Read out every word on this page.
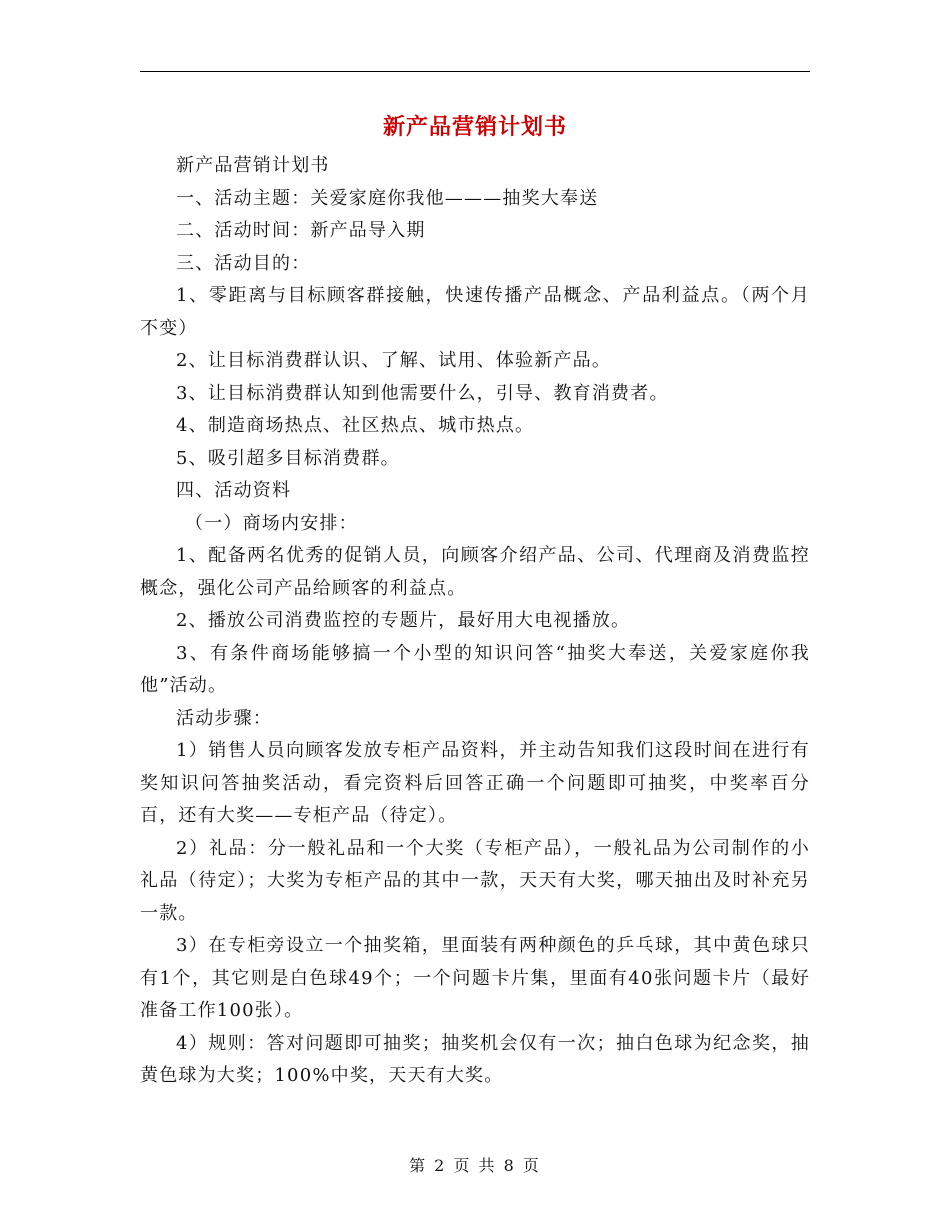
新产品营销计划书

新产品营销计划书

一、活动主题：关爱家庭你我他———抽奖大奉送

二、活动时间：新产品导入期

三、活动目的：

1、零距离与目标顾客群接触，快速传播产品概念、产品利益点。（两个月不变）

2、让目标消费群认识、了解、试用、体验新产品。

3、让目标消费群认知到他需要什么，引导、教育消费者。

4、制造商场热点、社区热点、城市热点。

5、吸引超多目标消费群。

四、活动资料

（一）商场内安排：

1、配备两名优秀的促销人员，向顾客介绍产品、公司、代理商及消费监控概念，强化公司产品给顾客的利益点。

2、播放公司消费监控的专题片，最好用大电视播放。

3、有条件商场能够搞一个小型的知识问答“抽奖大奉送，关爱家庭你我他”活动。

活动步骤：

1）销售人员向顾客发放专柜产品资料，并主动告知我们这段时间在进行有奖知识问答抽奖活动，看完资料后回答正确一个问题即可抽奖，中奖率百分百，还有大奖——专柜产品（待定）。

2）礼品：分一般礼品和一个大奖（专柜产品），一般礼品为公司制作的小礼品（待定）；大奖为专柜产品的其中一款，天天有大奖，哪天抽出及时补充另一款。

3）在专柜旁设立一个抽奖箱，里面装有两种颜色的乒乓球，其中黄色球只有1个，其它则是白色球49个；一个问题卡片集，里面有40张问题卡片（最好准备工作100张）。

4）规则：答对问题即可抽奖；抽奖机会仅有一次；抽白色球为纪念奖，抽黄色球为大奖；100%中奖，天天有大奖。

第 2 页 共 8 页
